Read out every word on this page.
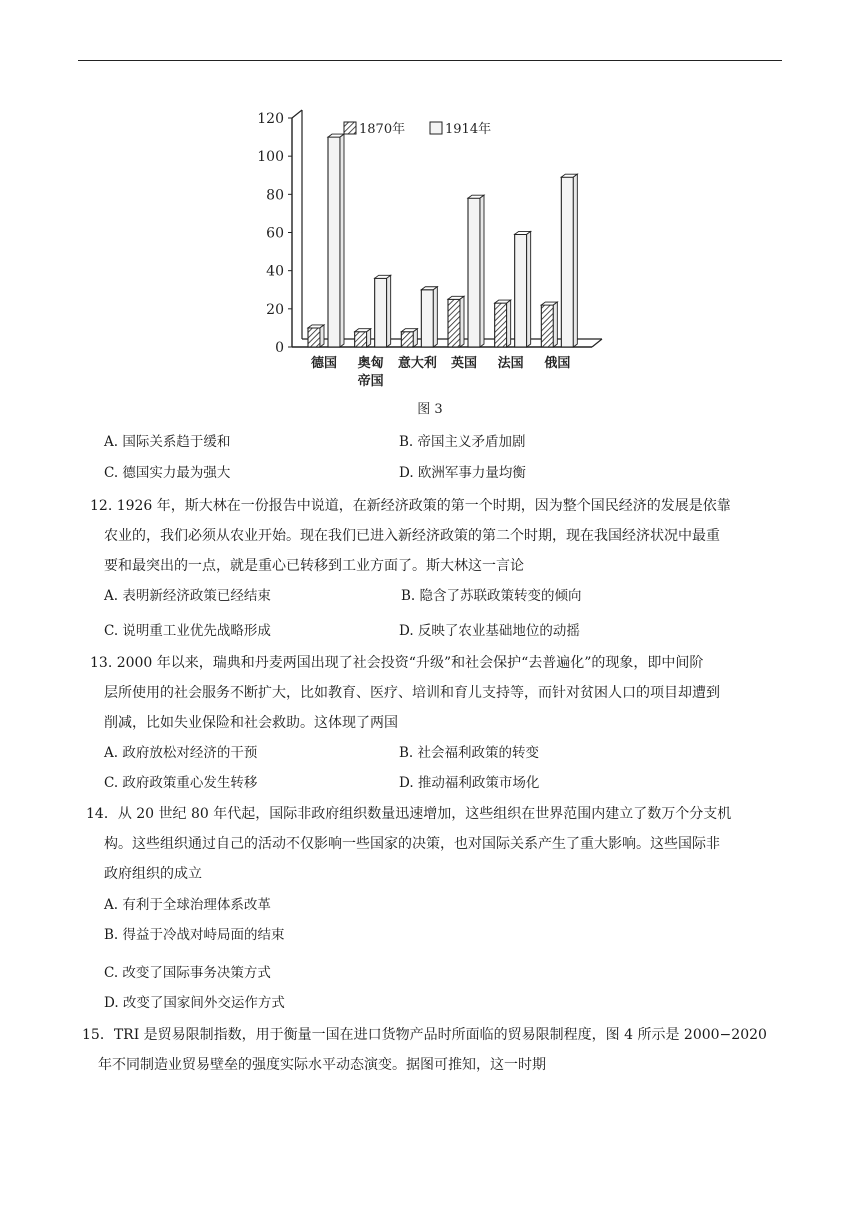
0
20
40
60
80
100
120
德国 奥匈
帝国
意大利 英国 法国 俄国
1870年	1914年
图 3
A. 国际关系趋于缓和	B. 帝国主义矛盾加剧
C. 德国实力最为强大	D. 欧洲军事力量均衡
12. 1926 年，斯大林在一份报告中说道，在新经济政策的第一个时期，因为整个国民经济的发展是依靠
农业的，我们必须从农业开始。现在我们已进入新经济政策的第二个时期，现在我国经济状况中最重
要和最突出的一点，就是重心已转移到工业方面了。斯大林这一言论
A. 表明新经济政策已经结束	B. 隐含了苏联政策转变的倾向
C. 说明重工业优先战略形成	D. 反映了农业基础地位的动摇
13. 2000 年以来，瑞典和丹麦两国出现了社会投资“升级”和社会保护“去普遍化”的现象，即中间阶
层所使用的社会服务不断扩大，比如教育、医疗、培训和育儿支持等，而针对贫困人口的项目却遭到
削减，比如失业保险和社会救助。这体现了两国
A. 政府放松对经济的干预	B. 社会福利政策的转变
C. 政府政策重心发生转移	D. 推动福利政策市场化
14．从 20 世纪 80 年代起，国际非政府组织数量迅速增加，这些组织在世界范围内建立了数万个分支机
构。这些组织通过自己的活动不仅影响一些国家的决策，也对国际关系产生了重大影响。这些国际非
政府组织的成立
A. 有利于全球治理体系改革
B. 得益于冷战对峙局面的结束
C. 改变了国际事务决策方式
D. 改变了国家间外交运作方式
15．TRI 是贸易限制指数，用于衡量一国在进口货物产品时所面临的贸易限制程度，图 4 所示是 2000−2020
年不同制造业贸易壁垒的强度实际水平动态演变。据图可推知，这一时期
